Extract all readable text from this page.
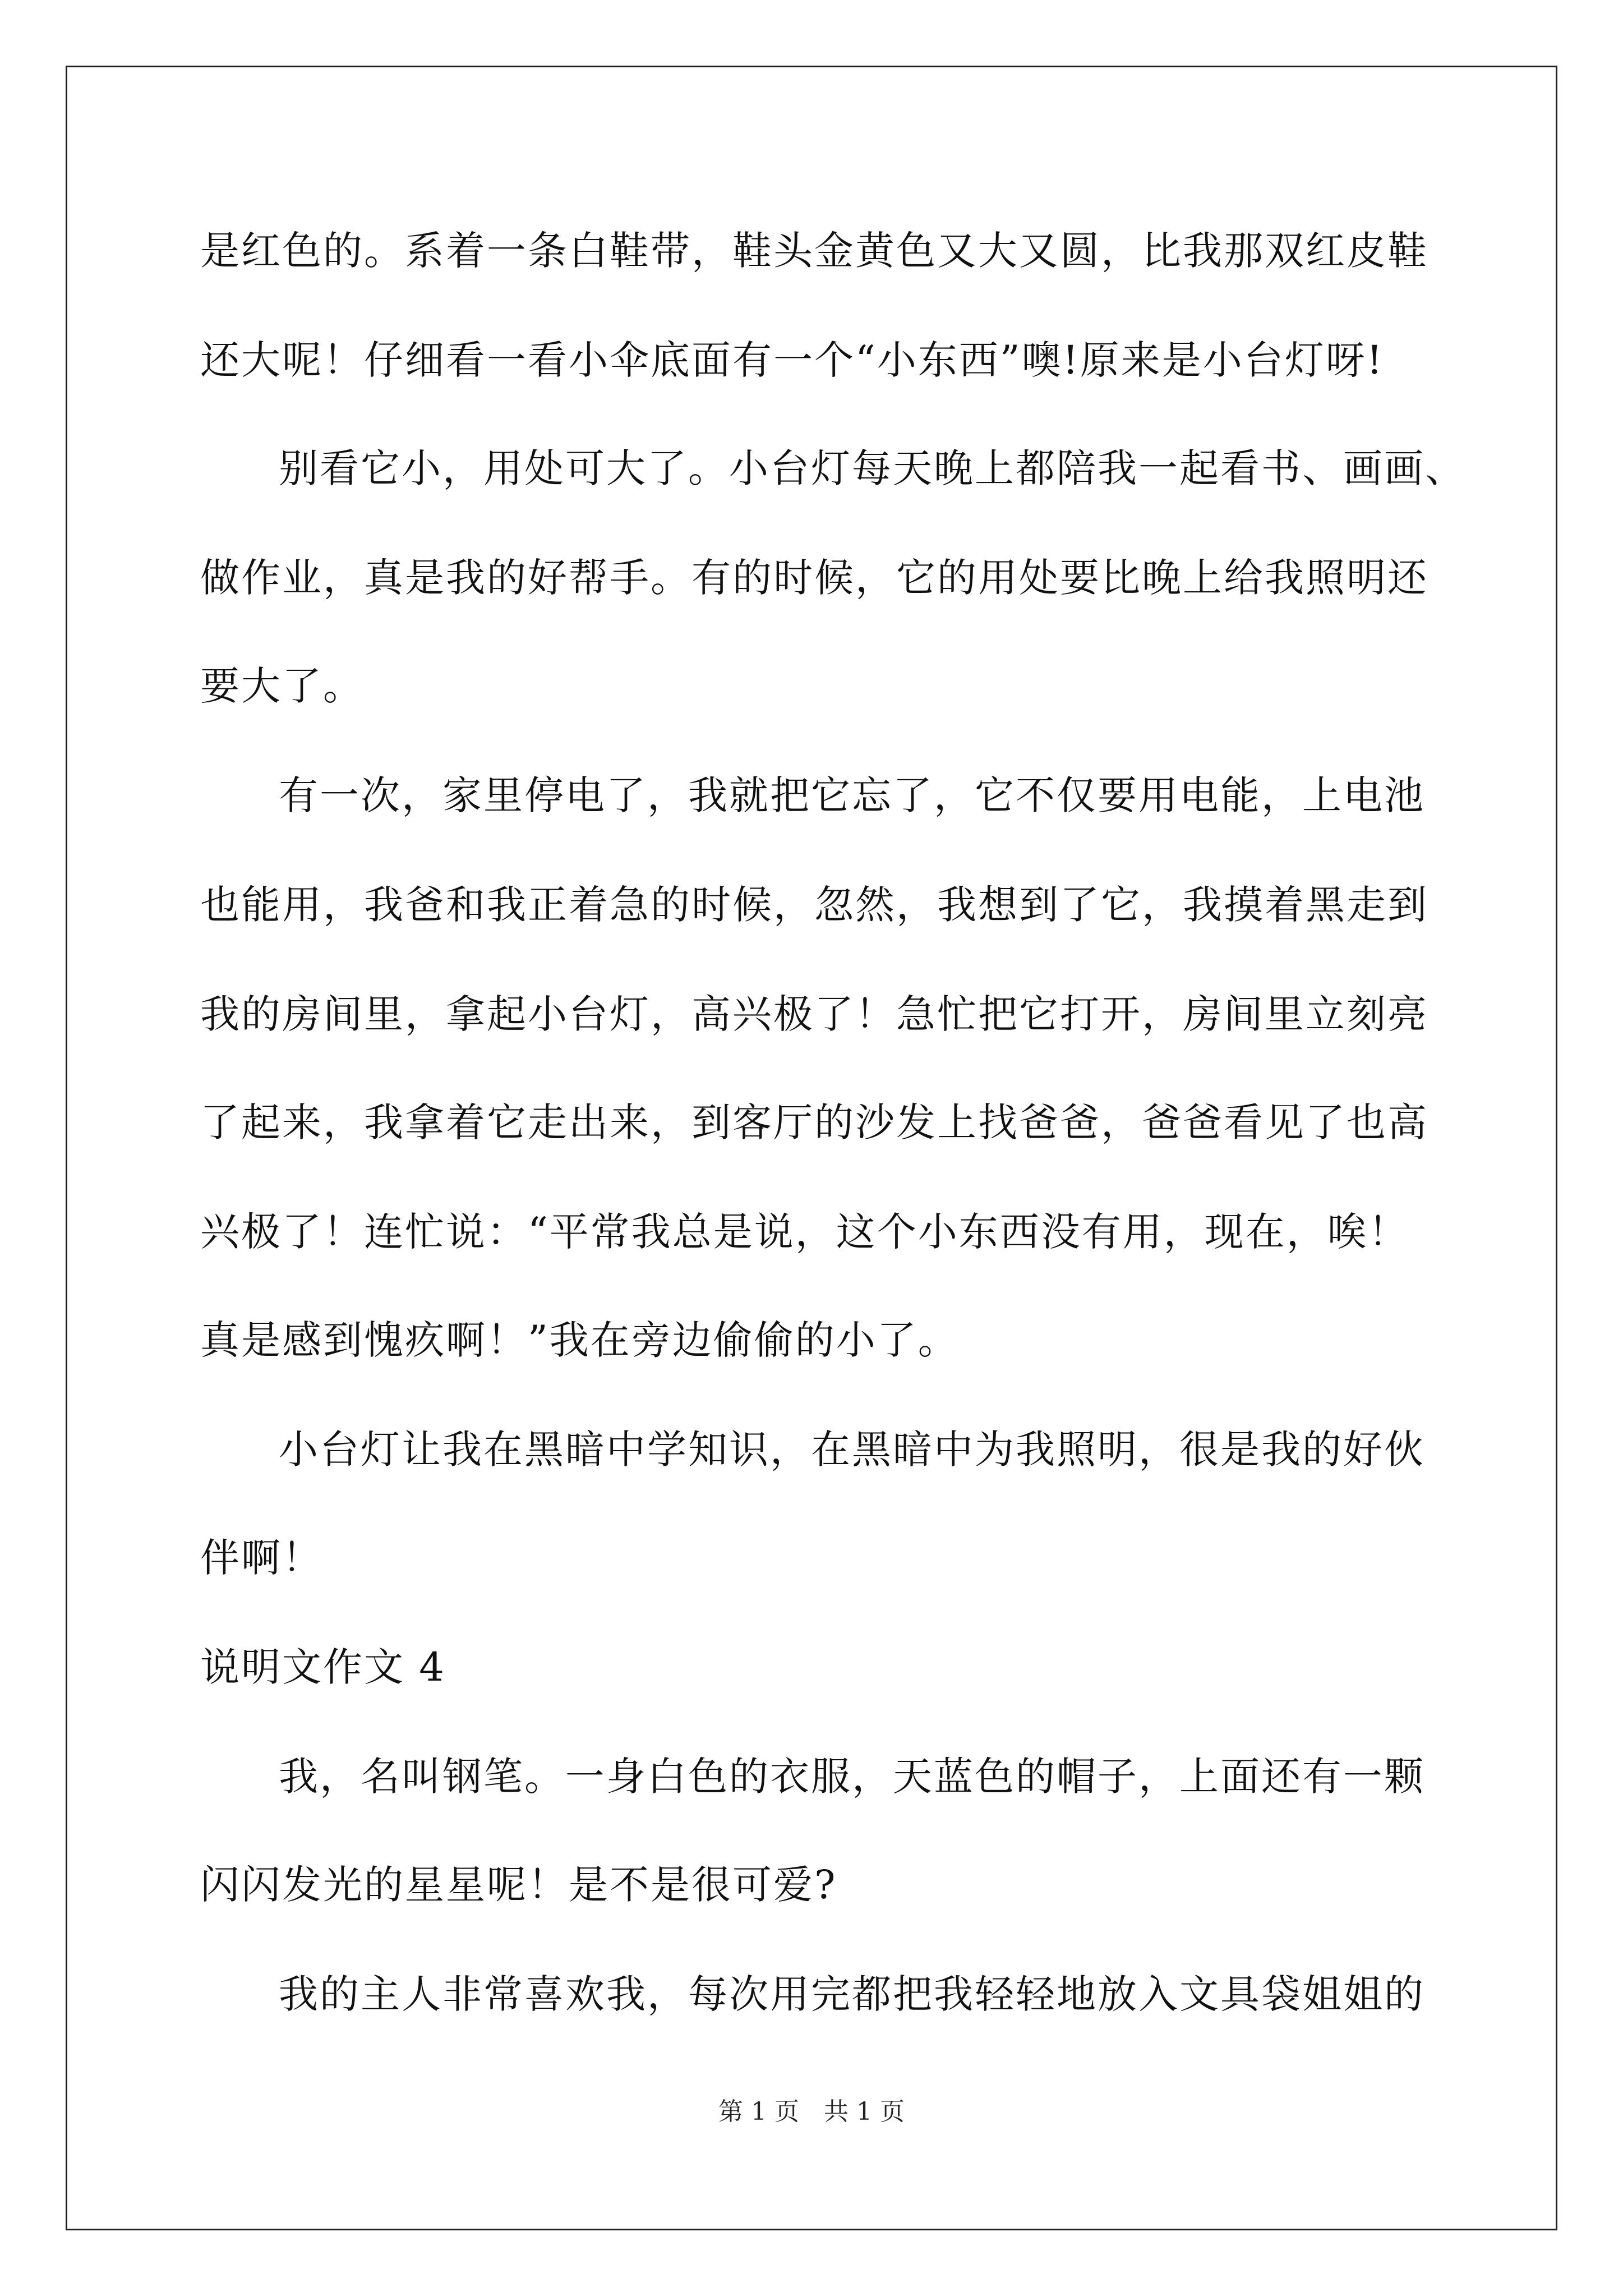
是红色的。系着一条白鞋带，鞋头金黄色又大又圆，比我那双红皮鞋
还大呢！仔细看一看小伞底面有一个“小东西”噢!原来是小台灯呀!
别看它小，用处可大了。小台灯每天晚上都陪我一起看书、画画、
做作业，真是我的好帮手。有的时候，它的用处要比晚上给我照明还
要大了。
有一次，家里停电了，我就把它忘了，它不仅要用电能，上电池
也能用，我爸和我正着急的时候，忽然，我想到了它，我摸着黑走到
我的房间里，拿起小台灯，高兴极了！急忙把它打开，房间里立刻亮
了起来，我拿着它走出来，到客厅的沙发上找爸爸，爸爸看见了也高
兴极了！连忙说：“平常我总是说，这个小东西没有用，现在，唉！
真是感到愧疚啊！”我在旁边偷偷的小了。
小台灯让我在黑暗中学知识，在黑暗中为我照明，很是我的好伙
伴啊！
说明文作文 4
我，名叫钢笔。一身白色的衣服，天蓝色的帽子，上面还有一颗
闪闪发光的星星呢！是不是很可爱?
我的主人非常喜欢我，每次用完都把我轻轻地放入文具袋姐姐的
第 1 页　共 1 页
